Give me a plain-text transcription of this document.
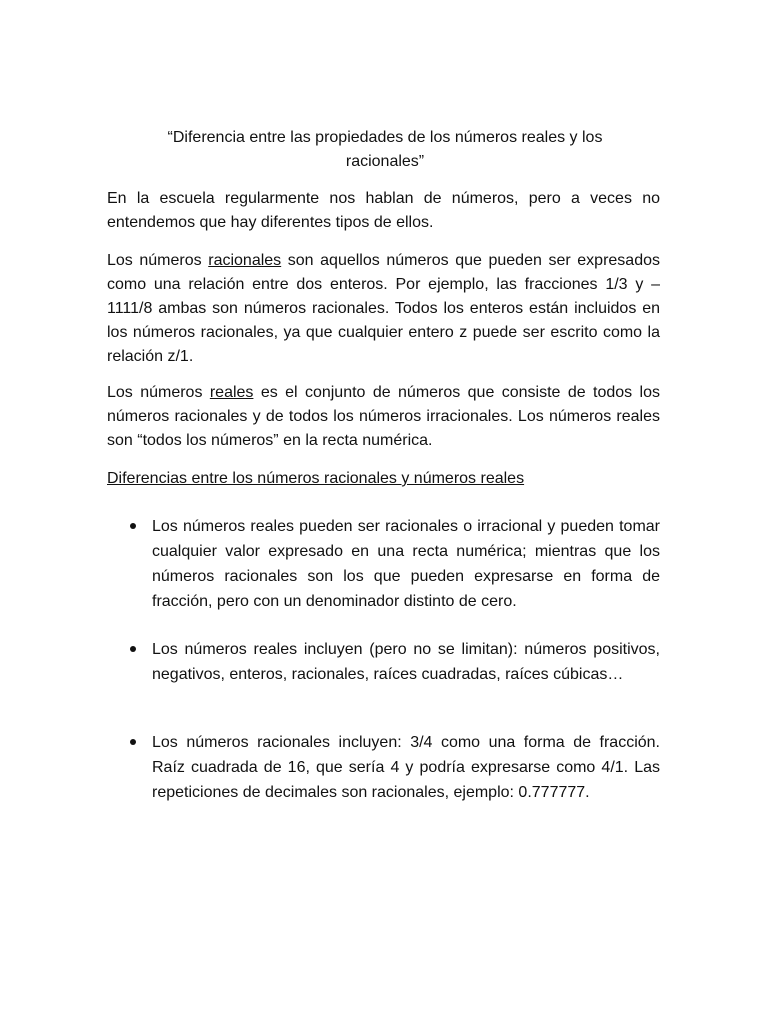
“Diferencia entre las propiedades de los números reales y los racionales”

En la escuela regularmente nos hablan de números, pero a veces no entendemos que hay diferentes tipos de ellos.

Los números racionales son aquellos números que pueden ser expresados como una relación entre dos enteros. Por ejemplo, las fracciones 1/3 y –1111/8 ambas son números racionales. Todos los enteros están incluidos en los números racionales, ya que cualquier entero z puede ser escrito como la relación z/1.

Los números reales es el conjunto de números que consiste de todos los números racionales y de todos los números irracionales. Los números reales son “todos los números” en la recta numérica.

Diferencias entre los números racionales y números reales

Los números reales pueden ser racionales o irracional y pueden tomar cualquier valor expresado en una recta numérica; mientras que los números racionales son los que pueden expresarse en forma de fracción, pero con un denominador distinto de cero.
Los números reales incluyen (pero no se limitan): números positivos, negativos, enteros, racionales, raíces cuadradas, raíces cúbicas…
Los números racionales incluyen: 3/4 como una forma de fracción. Raíz cuadrada de 16, que sería 4 y podría expresarse como 4/1. Las repeticiones de decimales son racionales, ejemplo: 0.777777.
